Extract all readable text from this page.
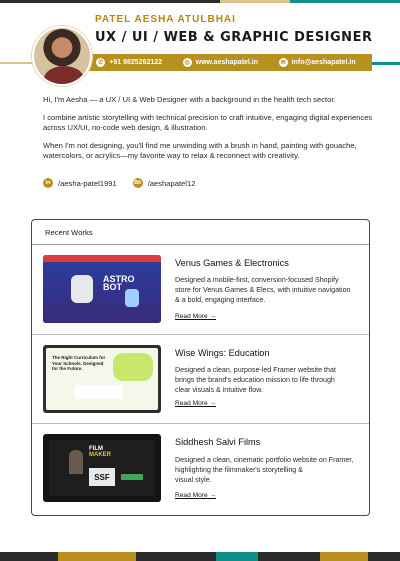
PATEL AESHA ATULBHAI
UX / UI / WEB & GRAPHIC DESIGNER
✆ +91 9825262122	◎ www.aeshapatel.in	✉ info@aeshapatel.in

Hi, I'm Aesha — a UX / UI & Web Designer with a background in the health tech sector.

I combine artistic storytelling with technical precision to craft intuitive, engaging digital experiences across UX/UI, no-code web design, & illustration.

When I'm not designing, you'll find me unwinding with a brush in hand, painting with gouache, watercolors, or acrylics—my favorite way to relax & reconnect with creativity.

in /aesha-patel1991	Bē /aeshapatel12
Recent Works
ASTRO
BOT
Venus Games & Electronics
Designed a mobile-first, conversion-focused Shopify
store for Venus Games & Elecs, with intuitive navigation
& a bold, engaging interface.
Read More →
The Right Curriculum for
Your Schools. Designed
for the Future.
Wise Wings: Education
Designed a clean, purpose-led Framer website that
brings the brand's education mission to life through
clear visuals & intuitive flow.
Read More →
FILM
MAKER
SSF
Siddhesh Salvi Films
Designed a clean, cinematic portfolio website on Framer,
highlighting the filmmaker's storytelling &
visual style.
Read More →
